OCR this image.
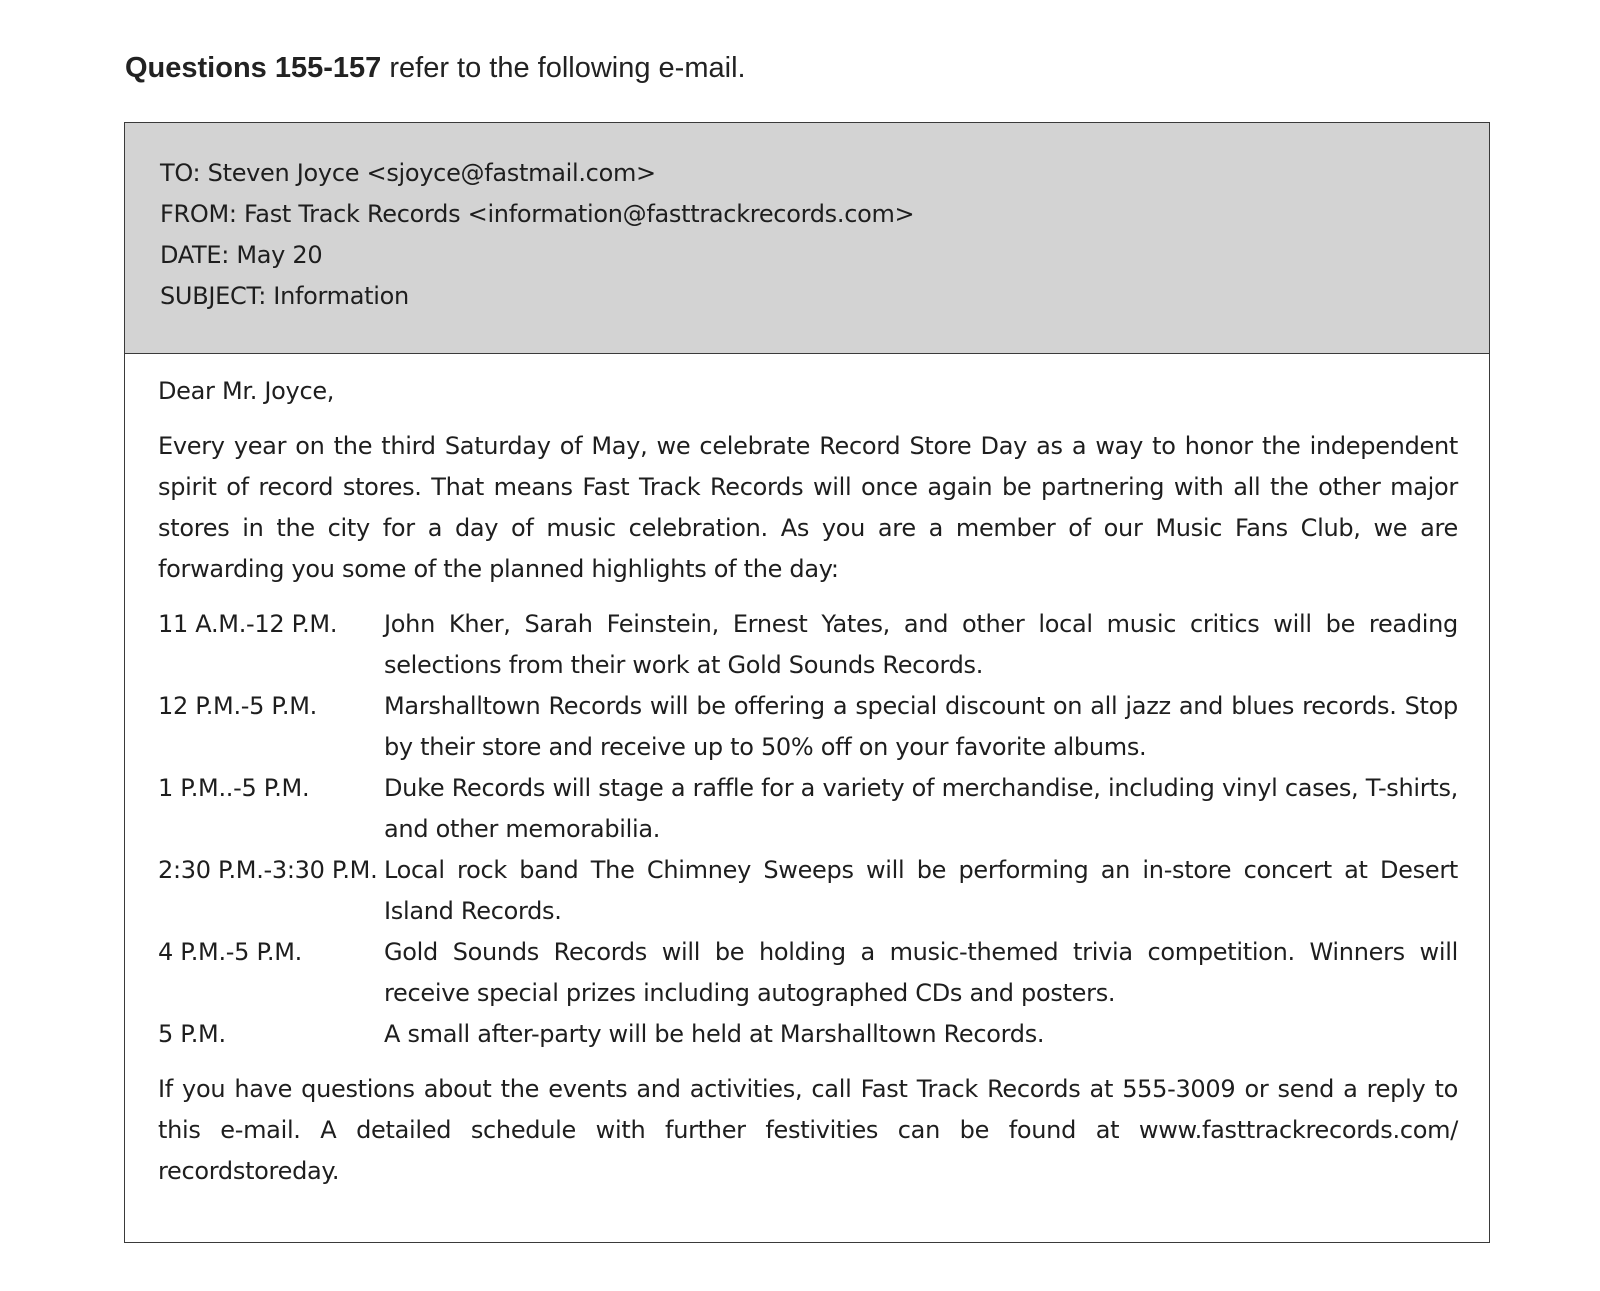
Questions 155-157 refer to the following e-mail.
TO: Steven Joyce <sjoyce@fastmail.com>
FROM: Fast Track Records <information@fasttrackrecords.com>
DATE: May 20
SUBJECT: Information
Dear Mr. Joyce,
Every year on the third Saturday of May, we celebrate Record Store Day as a way to honor the independent spirit of record stores. That means Fast Track Records will once again be partnering with all the other major stores in the city for a day of music celebration. As you are a member of our Music Fans Club, we are forwarding you some of the planned highlights of the day:
11 A.M.-12 P.M.	John Kher, Sarah Feinstein, Ernest Yates, and other local music critics will be reading selections from their work at Gold Sounds Records.
12 P.M.-5 P.M.	Marshalltown Records will be offering a special discount on all jazz and blues records. Stop by their store and receive up to 50% off on your favorite albums.
1 P.M..-5 P.M.	Duke Records will stage a raffle for a variety of merchandise, including vinyl cases, T-shirts, and other memorabilia.
2:30 P.M.-3:30 P.M. Local rock band The Chimney Sweeps will be performing an in-store concert at Desert Island Records.
4 P.M.-5 P.M.	Gold Sounds Records will be holding a music-themed trivia competition. Winners will receive special prizes including autographed CDs and posters.
5 P.M.	A small after-party will be held at Marshalltown Records.
If you have questions about the events and activities, call Fast Track Records at 555-3009 or send a reply to this e-mail. A detailed schedule with further festivities can be found at www.fasttrackrecords.com/ recordstoreday.
